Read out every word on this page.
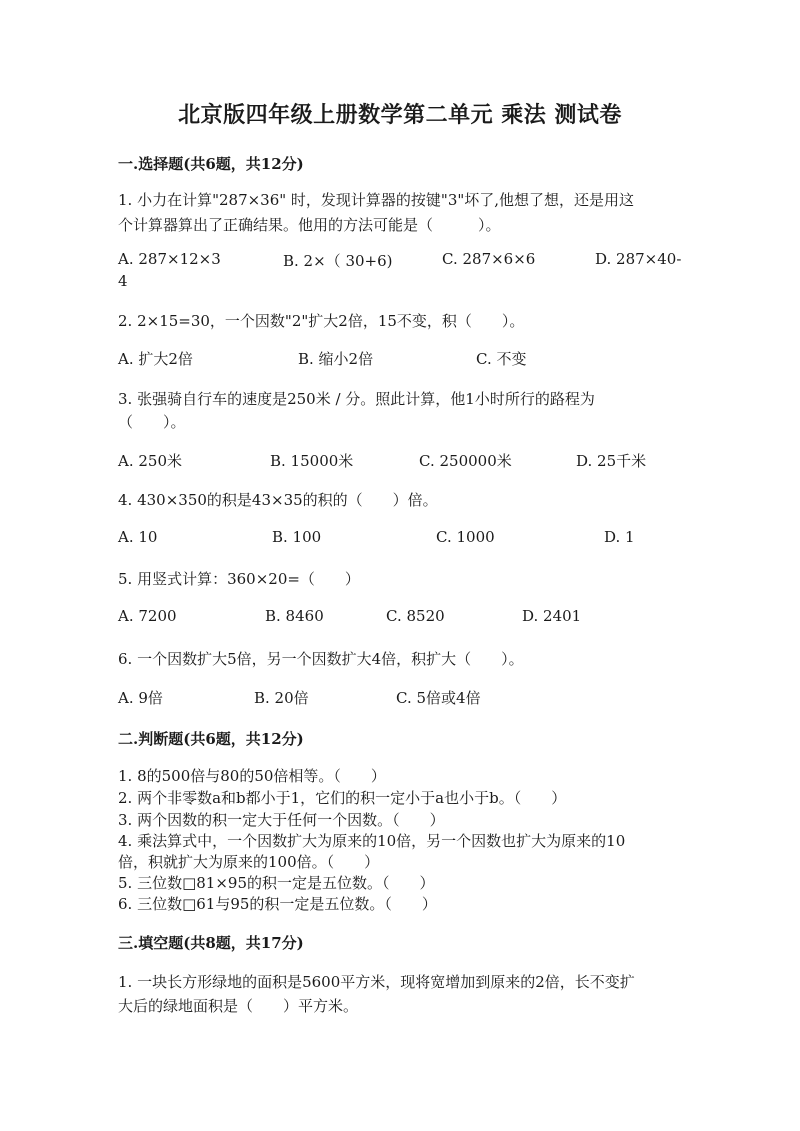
北京版四年级上册数学第二单元 乘法 测试卷
一.选择题(共6题，共12分)
1. 小力在计算"287×36" 时，发现计算器的按键"3"坏了,他想了想，还是用这
个计算器算出了正确结果。他用的方法可能是（　　　）。
A. 287×12×3	B. 2×（ 30+6)	C. 287×6×6	D. 287×40-
4
2. 2×15=30，一个因数"2"扩大2倍，15不变，积（　　）。
A. 扩大2倍	B. 缩小2倍	C. 不变
3. 张强骑自行车的速度是250米 / 分。照此计算，他1小时所行的路程为
（　　）。
A. 250米	B. 15000米	C. 250000米	D. 25千米
4. 430×350的积是43×35的积的（　　）倍。
A. 10	B. 100	C. 1000	D. 1
5. 用竖式计算：360×20=（　　）
A. 7200	B. 8460	C. 8520	D. 2401
6. 一个因数扩大5倍，另一个因数扩大4倍，积扩大（　　）。
A. 9倍	B. 20倍	C. 5倍或4倍
二.判断题(共6题，共12分)
1. 8的500倍与80的50倍相等。（　　）
2. 两个非零数a和b都小于1，它们的积一定小于a也小于b。（　　）
3. 两个因数的积一定大于任何一个因数。（　　）
4. 乘法算式中，一个因数扩大为原来的10倍，另一个因数也扩大为原来的10
倍，积就扩大为原来的100倍。（　　）
5. 三位数□81×95的积一定是五位数。（　　）
6. 三位数□61与95的积一定是五位数。（　　）
三.填空题(共8题，共17分)
1. 一块长方形绿地的面积是5600平方米，现将宽增加到原来的2倍，长不变扩
大后的绿地面积是（　　）平方米。
